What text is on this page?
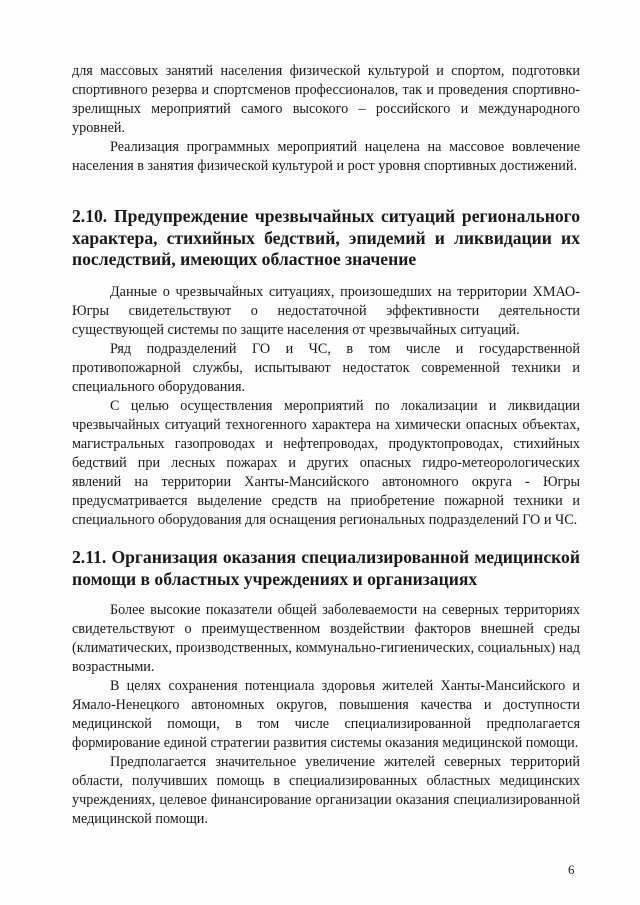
для массовых занятий населения физической культурой и спортом, подготовки спортивного резерва и спортсменов профессионалов, так и проведения спортивно-зрелищных мероприятий самого высокого – российского и международного уровней.

Реализация программных мероприятий нацелена на массовое вовлечение населения в занятия физической культурой и рост уровня спортивных достижений.

2.10. Предупреждение чрезвычайных ситуаций регионального характера, стихийных бедствий, эпидемий и ликвидации их последствий, имеющих областное значение

Данные о чрезвычайных ситуациях, произошедших на территории ХМАО-Югры свидетельствуют о недостаточной эффективности деятельности существующей системы по защите населения от чрезвычайных ситуаций.

Ряд подразделений ГО и ЧС, в том числе и государственной противопожарной службы, испытывают недостаток современной техники и специального оборудования.

С целью осуществления мероприятий по локализации и ликвидации чрезвычайных ситуаций техногенного характера на химически опасных объектах, магистральных газопроводах и нефтепроводах, продуктопроводах, стихийных бедствий при лесных пожарах и других опасных гидро-метеорологических явлений на территории Ханты-Мансийского автономного округа - Югры предусматривается выделение средств на приобретение пожарной техники и специального оборудования для оснащения региональных подразделений ГО и ЧС.

2.11. Организация оказания специализированной медицинской помощи в областных учреждениях и организациях

Более высокие показатели общей заболеваемости на северных территориях свидетельствуют о преимущественном воздействии факторов внешней среды (климатических, производственных, коммунально-гигиенических, социальных) над возрастными.

В целях сохранения потенциала здоровья жителей Ханты-Мансийского и Ямало-Ненецкого автономных округов, повышения качества и доступности медицинской помощи, в том числе специализированной предполагается формирование единой стратегии развития системы оказания медицинской помощи.

Предполагается значительное увеличение жителей северных территорий области, получивших помощь в специализированных областных медицинских учреждениях, целевое финансирование организации оказания специализированной медицинской помощи.

6
